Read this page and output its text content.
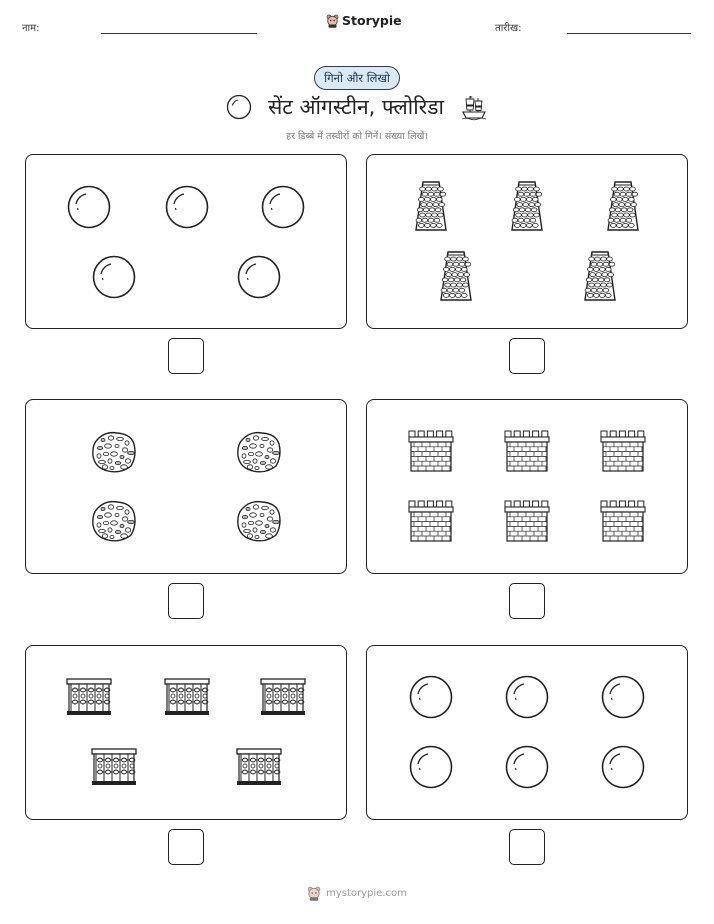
नाम:
Storypie
तारीख:
गिनो और लिखो
सेंट ऑगस्टीन, फ्लोरिडा
हर डिब्बे में तस्वीरों को गिनें। संख्या लिखें।
mystorypie.com
